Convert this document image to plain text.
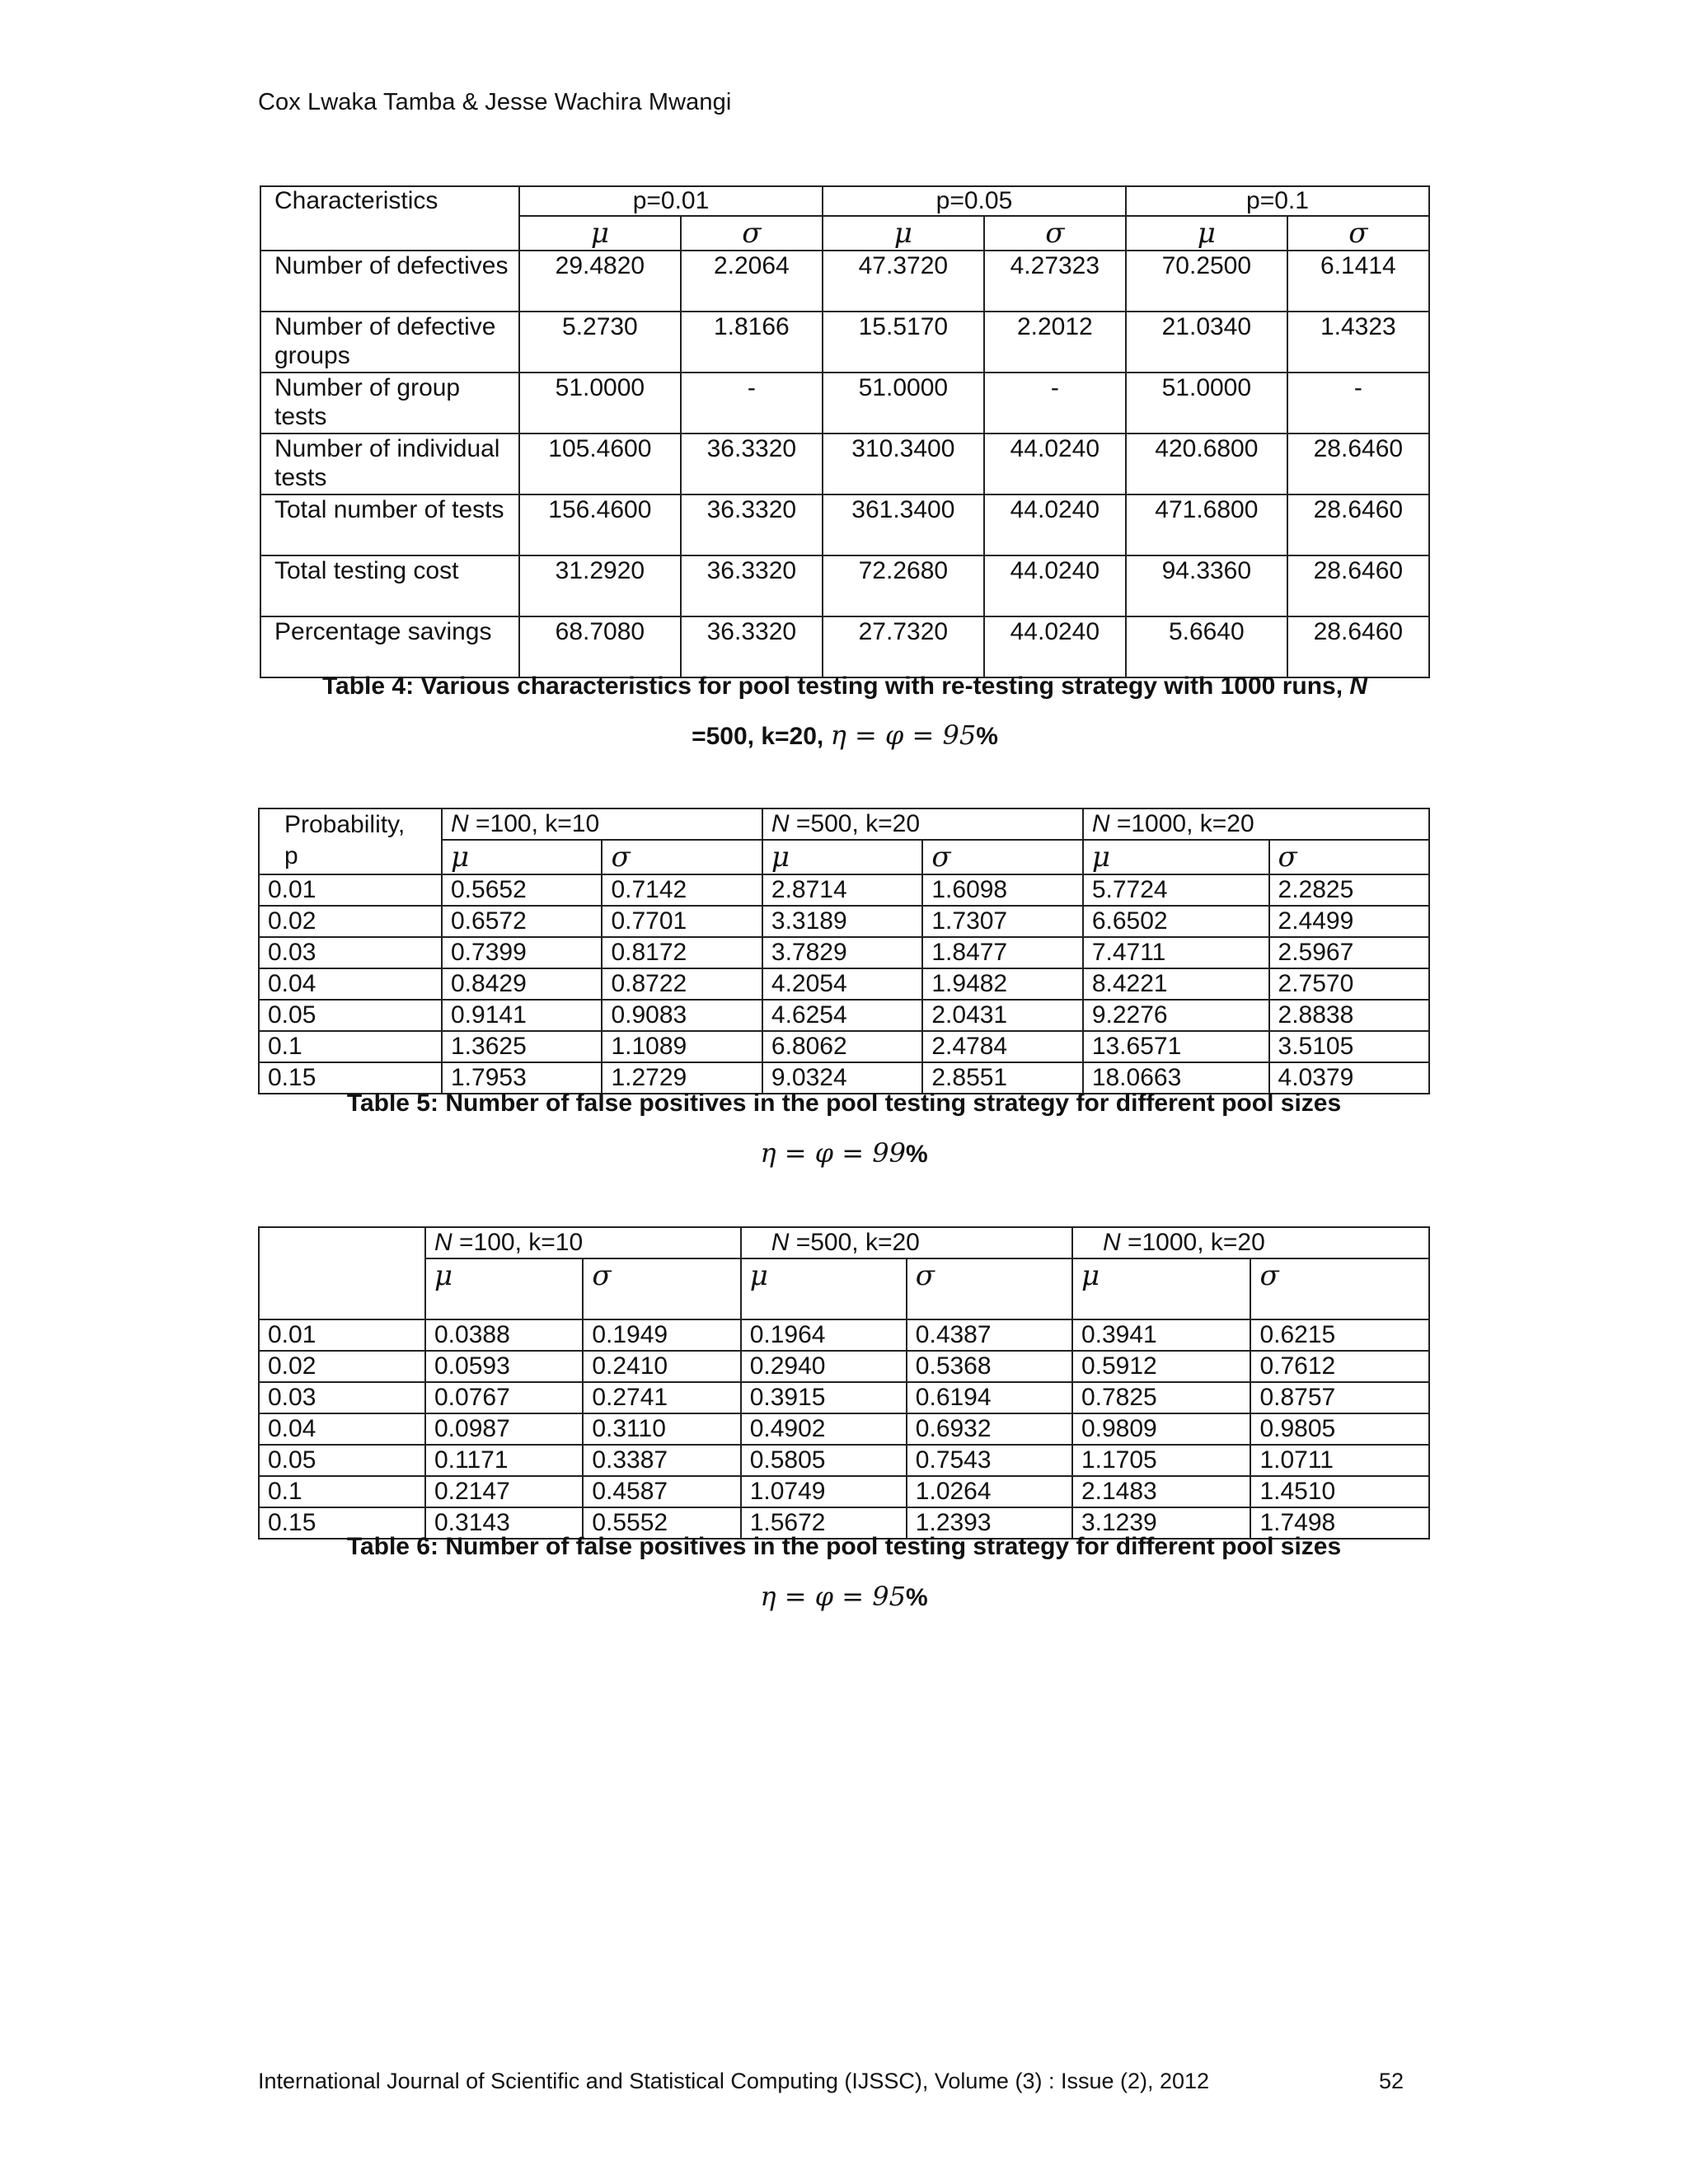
Cox Lwaka Tamba & Jesse Wachira Mwangi
Characteristics	p=0.01		p=0.05		p=0.1	
	μ	σ	μ	σ	μ	σ
Number of defectives	29.4820	2.2064	47.3720	4.27323	70.2500	6.1414
Number of defective groups	5.2730	1.8166	15.5170	2.2012	21.0340	1.4323
Number of group tests	51.0000	-	51.0000	-	51.0000	-
Number of individual tests	105.4600	36.3320	310.3400	44.0240	420.6800	28.6460
Total number of tests	156.4600	36.3320	361.3400	44.0240	471.6800	28.6460
Total testing cost	31.2920	36.3320	72.2680	44.0240	94.3360	28.6460
Percentage savings	68.7080	36.3320	27.7320	44.0240	5.6640	28.6460
Table 4: Various characteristics for pool testing with re-testing strategy with 1000 runs, N
=500, k=20, η = φ = 95%
Probability,
p	N =100, k=10		N =500, k=20		N =1000, k=20	
	μ	σ	μ	σ	μ	σ
0.01	0.5652	0.7142	2.8714	1.6098	5.7724	2.2825
0.02	0.6572	0.7701	3.3189	1.7307	6.6502	2.4499
0.03	0.7399	0.8172	3.7829	1.8477	7.4711	2.5967
0.04	0.8429	0.8722	4.2054	1.9482	8.4221	2.7570
0.05	0.9141	0.9083	4.6254	2.0431	9.2276	2.8838
0.1	1.3625	1.1089	6.8062	2.4784	13.6571	3.5105
0.15	1.7953	1.2729	9.0324	2.8551	18.0663	4.0379
Table 5: Number of false positives in the pool testing strategy for different pool sizes
η = φ = 99%
	N =100, k=10		N =500, k=20		N =1000, k=20	
	μ	σ	μ	σ	μ	σ
0.01	0.0388	0.1949	0.1964	0.4387	0.3941	0.6215
0.02	0.0593	0.2410	0.2940	0.5368	0.5912	0.7612
0.03	0.0767	0.2741	0.3915	0.6194	0.7825	0.8757
0.04	0.0987	0.3110	0.4902	0.6932	0.9809	0.9805
0.05	0.1171	0.3387	0.5805	0.7543	1.1705	1.0711
0.1	0.2147	0.4587	1.0749	1.0264	2.1483	1.4510
0.15	0.3143	0.5552	1.5672	1.2393	3.1239	1.7498
Table 6: Number of false positives in the pool testing strategy for different pool sizes
η = φ = 95%
International Journal of Scientific and Statistical Computing (IJSSC), Volume (3) : Issue (2), 2012	52
